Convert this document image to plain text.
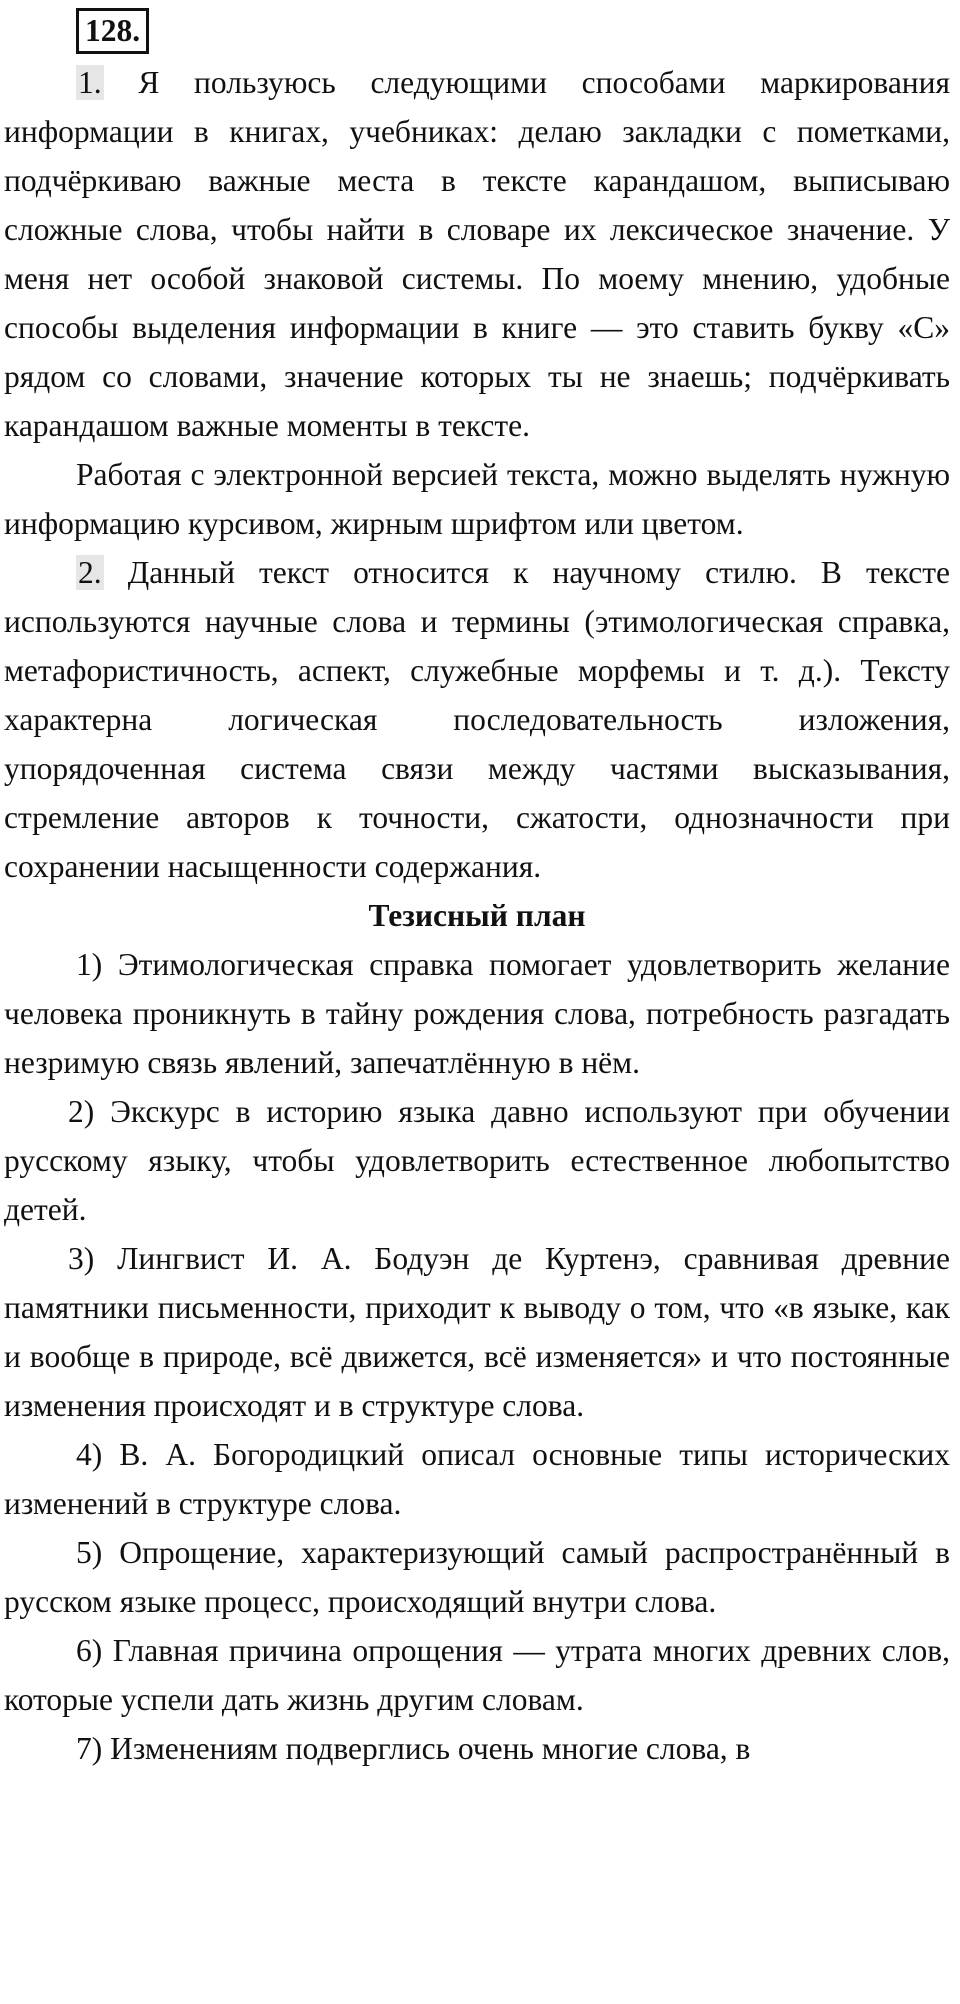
128.

1. Я пользуюсь следующими способами маркирования информации в книгах, учебниках: делаю закладки с пометками, подчёркиваю важные места в тексте карандашом, выписываю сложные слова, чтобы найти в словаре их лексическое значение. У меня нет особой знаковой системы. По моему мнению, удобные способы выделения информации в книге — это ставить букву «С» рядом со словами, значение которых ты не знаешь; подчёркивать карандашом важные моменты в тексте.

Работая с электронной версией текста, можно выделять нужную информацию курсивом, жирным шрифтом или цветом.

2. Данный текст относится к научному стилю. В тексте используются научные слова и термины (этимологическая справка, метафористичность, аспект, служебные морфемы и т. д.). Тексту характерна логическая последовательность изложения, упорядоченная система связи между частями высказывания, стремление авторов к точности, сжатости, однозначности при сохранении насыщенности содержания.

Тезисный план

1) Этимологическая справка помогает удовлетворить желание человека проникнуть в тайну рождения слова, потребность разгадать незримую связь явлений, запечатлённую в нём.

2) Экскурс в историю языка давно используют при обучении русскому языку, чтобы удовлетворить естественное любопытство детей.

3) Лингвист И. А. Бодуэн де Куртенэ, сравнивая древние памятники письменности, приходит к выводу о том, что «в языке, как и вообще в природе, всё движется, всё изменяется» и что постоянные изменения происходят и в структуре слова.

4) В. А. Богородицкий описал основные типы исторических изменений в структуре слова.

5) Опрощение, характеризующий самый распространённый в русском языке процесс, происходящий внутри слова.

6) Главная причина опрощения — утрата многих древних слов, которые успели дать жизнь другим словам.

7) Изменениям подверглись очень многие слова, в
